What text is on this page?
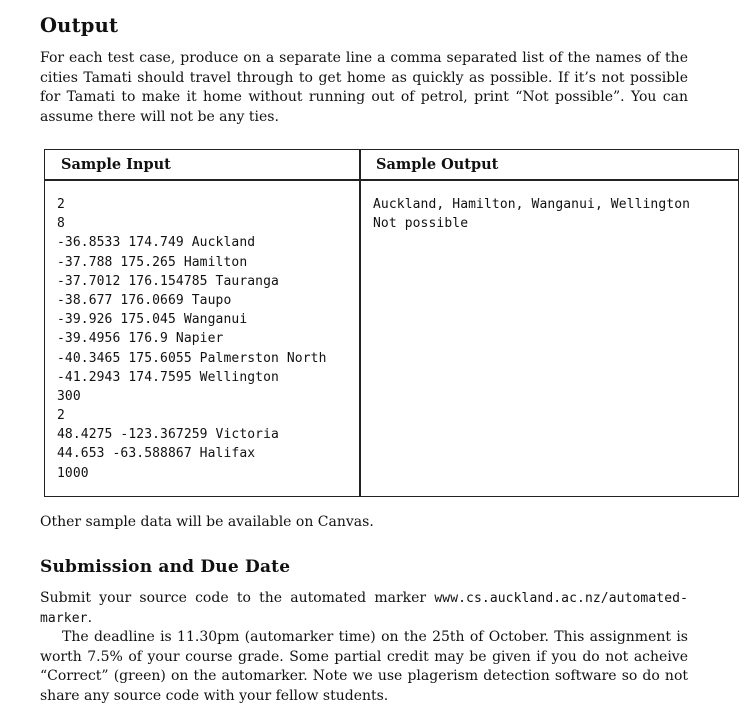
Output

For each test case, produce on a separate line a comma separated list of the names of the cities Tamati should travel through to get home as quickly as possible. If it’s not possible for Tamati to make it home without running out of petrol, print “Not possible”. You can assume there will not be any ties.

Sample Input	Sample Output
2
8
-36.8533 174.749 Auckland
-37.788 175.265 Hamilton
-37.7012 176.154785 Tauranga
-38.677 176.0669 Taupo
-39.926 175.045 Wanganui
-39.4956 176.9 Napier
-40.3465 175.6055 Palmerston North
-41.2943 174.7595 Wellington
300
2
48.4275 -123.367259 Victoria
44.653 -63.588867 Halifax
1000
Auckland, Hamilton, Wanganui, Wellington
Not possible
Other sample data will be available on Canvas.
Submission and Due Date

Submit your source code to the automated marker www.cs.auckland.ac.nz/automated-marker.

The deadline is 11.30pm (automarker time) on the 25th of October. This assignment is worth 7.5% of your course grade. Some partial credit may be given if you do not acheive “Correct” (green) on the automarker. Note we use plagerism detection software so do not share any source code with your fellow students.
